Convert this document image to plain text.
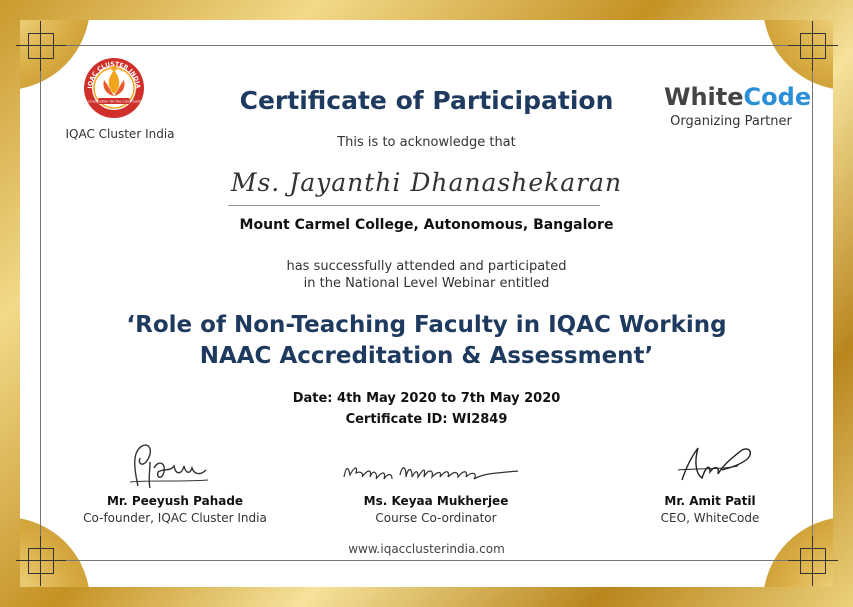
IQAC CLUSTER INDIA
Accreditation for the Community
IQAC Cluster India
WhiteCode
Organizing Partner
Certificate of Participation
This is to acknowledge that
Ms. Jayanthi Dhanashekaran
Mount Carmel College, Autonomous, Bangalore
has successfully attended and participated
in the National Level Webinar entitled
‘Role of Non-Teaching Faculty in IQAC Working
NAAC Accreditation & Assessment’
Date: 4th May 2020 to 7th May 2020
Certificate ID: WI2849
Mr. Peeyush Pahade
Co-founder, IQAC Cluster India
Ms. Keyaa Mukherjee
Course Co-ordinator
Mr. Amit Patil
CEO, WhiteCode
www.iqacclusterindia.com
